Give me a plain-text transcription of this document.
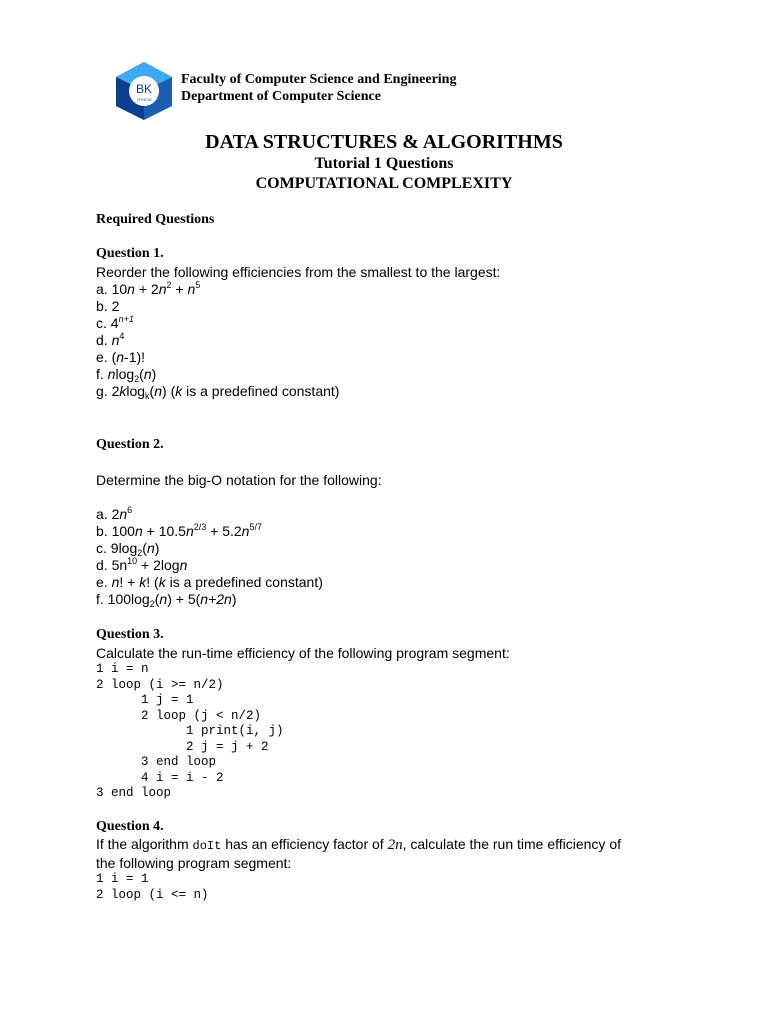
BK
TP.HCM
Faculty of Computer Science and Engineering
Department of Computer Science
DATA STRUCTURES & ALGORITHMS
Tutorial 1 Questions
COMPUTATIONAL COMPLEXITY
Required Questions
Question 1.
Reorder the following efficiencies from the smallest to the largest:
a. $10n + 2n^2 + n^5$
b. 2
c. $4^{n+1}$
d. $n^4$
e. (n-1)!
f. nlog$_2$(n)
g. 2klog$_k$(n) (k is a predefined constant)
Question 2.
Determine the big-O notation for the following:
a. $2n^6$
b. $100n + 10.5n^{2/3} + 5.2n^{5/7}$
c. $9\log_2(n)$
d. $5n^{10} + 2\log n$
e. n! + k! (k is a predefined constant)
f. $100\log_2(n) + 5(n+2n)$
Question 3.
Calculate the run-time efficiency of the following program segment:
1 i = n
2 loop (i >= n/2)
1 j = 1
2 loop (j < n/2)
1 print(i, j)
2 j = j + 2
3 end loop
4 i = i - 2
3 end loop
Question 4.
If the algorithm doIt has an efficiency factor of 2n, calculate the run time efficiency of
the following program segment:
1 i = 1
2 loop (i <= n)
